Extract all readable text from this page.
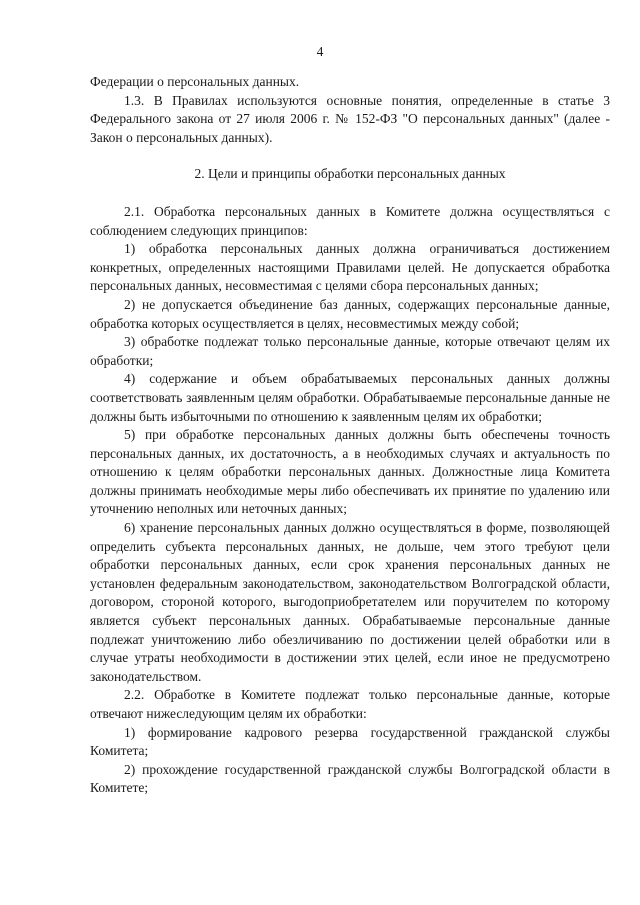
4

Федерации о персональных данных.

1.3. В Правилах используются основные понятия, определенные в статье 3 Федерального закона от 27 июля 2006 г. № 152-ФЗ "О персональных данных" (далее - Закон о персональных данных).

2. Цели и принципы обработки персональных данных

2.1. Обработка персональных данных в Комитете должна осуществляться с соблюдением следующих принципов:

1) обработка персональных данных должна ограничиваться достижением конкретных, определенных настоящими Правилами целей. Не допускается обработка персональных данных, несовместимая с целями сбора персональных данных;

2) не допускается объединение баз данных, содержащих персональные данные, обработка которых осуществляется в целях, несовместимых между собой;

3) обработке подлежат только персональные данные, которые отвечают целям их обработки;

4) содержание и объем обрабатываемых персональных данных должны соответствовать заявленным целям обработки. Обрабатываемые персональные данные не должны быть избыточными по отношению к заявленным целям их обработки;

5) при обработке персональных данных должны быть обеспечены точность персональных данных, их достаточность, а в необходимых случаях и актуальность по отношению к целям обработки персональных данных. Должностные лица Комитета должны принимать необходимые меры либо обеспечивать их принятие по удалению или уточнению неполных или неточных данных;

6) хранение персональных данных должно осуществляться в форме, позволяющей определить субъекта персональных данных, не дольше, чем этого требуют цели обработки персональных данных, если срок хранения персональных данных не установлен федеральным законодательством, законодательством Волгоградской области, договором, стороной которого, выгодоприобретателем или поручителем по которому является субъект персональных данных. Обрабатываемые персональные данные подлежат уничтожению либо обезличиванию по достижении целей обработки или в случае утраты необходимости в достижении этих целей, если иное не предусмотрено законодательством.

2.2. Обработке в Комитете подлежат только персональные данные, которые отвечают нижеследующим целям их обработки:

1) формирование кадрового резерва государственной гражданской службы Комитета;

2) прохождение государственной гражданской службы Волгоградской области в Комитете;
